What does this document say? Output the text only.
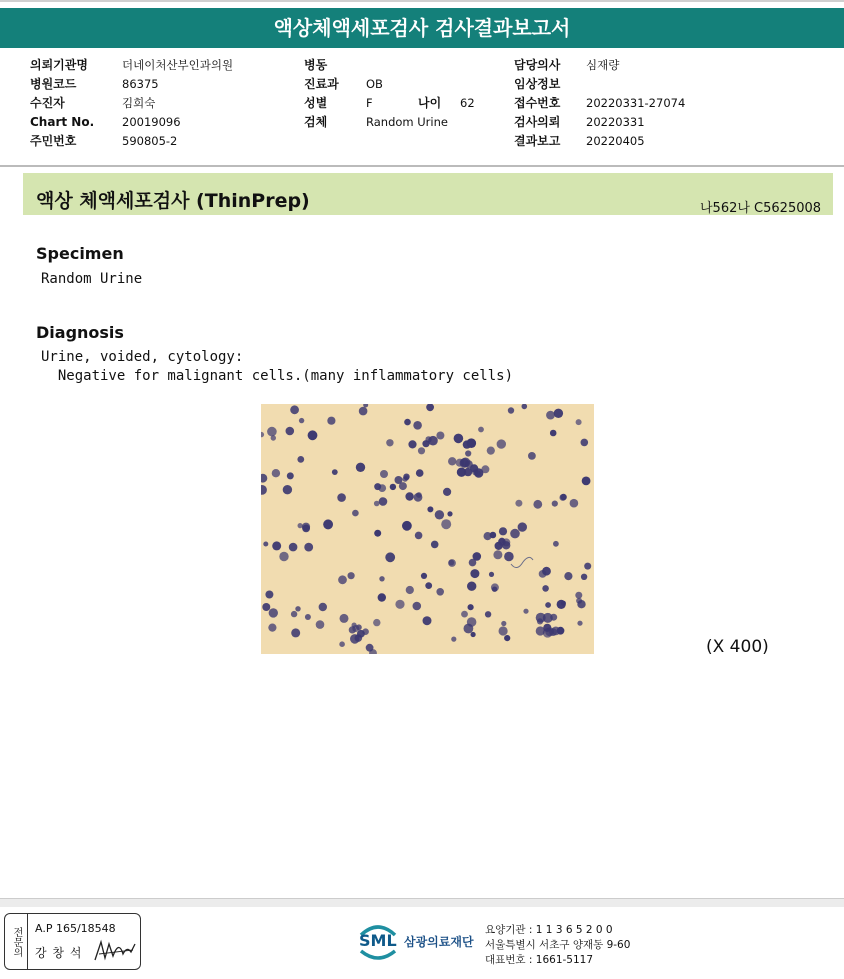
액상체액세포검사 검사결과보고서
의뢰기관명	더네이처산부인과의원
병원코드	86375
수진자	김희숙
Chart No. 20019096
주민번호	590805-2
병동
진료과 OB
성별	F	나이 62
검체	Random Urine
담당의사 심재량
임상정보
접수번호 20220331-27074
검사의뢰 20220331
결과보고 20220405
액상 체액세포검사 (ThinPrep)	나562나 C5625008
Specimen
Random Urine
Diagnosis
Urine, voided, cytology:
Negative for malignant cells.(many inflammatory cells)
(X 400)
전문의	A.P 165/18548
강 창 석
SML 삼광의료재단
요양기관 : 1 1 3 6 5 2 0 0
서울특별시 서초구 양재동 9-60
대표번호 : 1661-5117
